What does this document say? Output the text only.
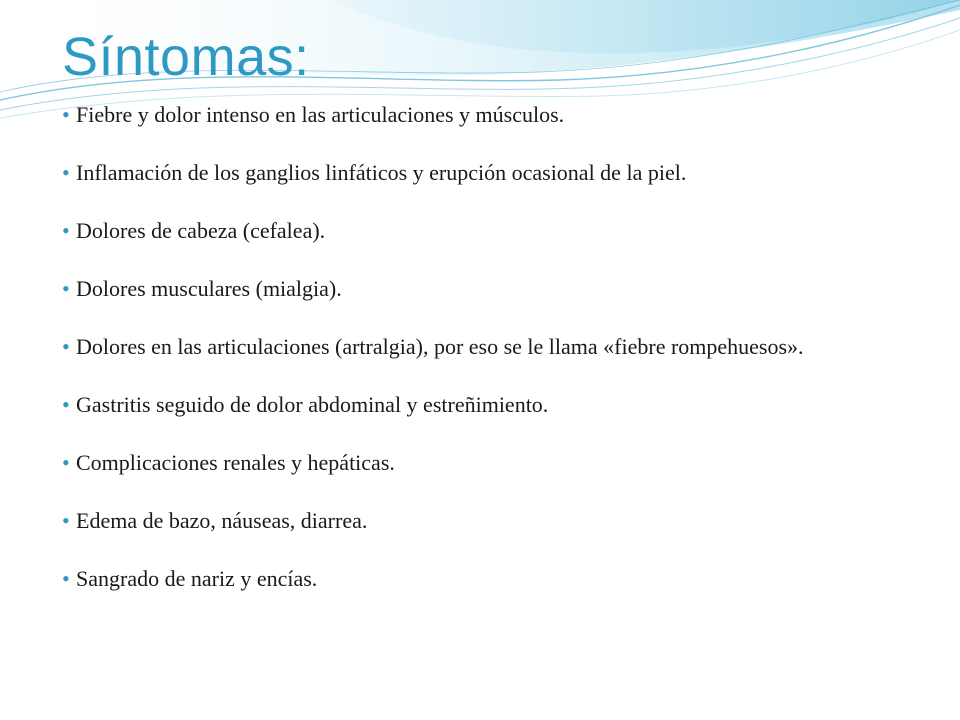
Síntomas:
• Fiebre y dolor intenso en las articulaciones y músculos.
• Inflamación de los ganglios linfáticos y erupción ocasional de la piel.
• Dolores de cabeza (cefalea).
• Dolores musculares (mialgia).
• Dolores en las articulaciones (artralgia), por eso se le llama «fiebre rompehuesos».
• Gastritis seguido de dolor abdominal y estreñimiento.
• Complicaciones renales y hepáticas.
• Edema de bazo, náuseas, diarrea.
• Sangrado de nariz y encías.
